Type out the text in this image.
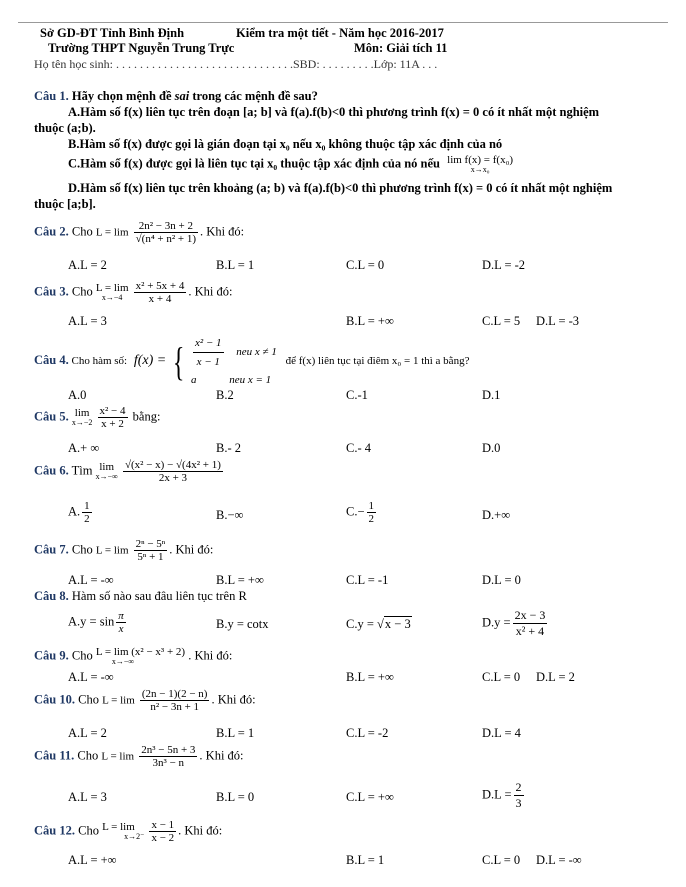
Sở GD-ĐT Tỉnh Bình Định	Kiểm tra một tiết - Năm học 2016-2017
Trường THPT Nguyễn Trung Trực	Môn: Giải tích 11
Họ tên học sinh: . . . . . . . . . . . . . . . . . . . . . . . . . . . . . .SBD: . . . . . . . . .Lớp: 11A . . .
Câu 1. Hãy chọn mệnh đề sai trong các mệnh đề sau?
A.Hàm số f(x) liên tục trên đoạn [a; b] và f(a).f(b)<0 thì phương trình f(x) = 0 có ít nhất một nghiệm
thuộc (a;b).
B.Hàm số f(x) được gọi là gián đoạn tại x₀ nếu x₀ không thuộc tập xác định của nó
C.Hàm số f(x) được gọi là liên tục tại x₀ thuộc tập xác định của nó nếu lim f(x) = f(x₀)
x→x₀
D.Hàm số f(x) liên tục trên khoảng (a; b) và f(a).f(b)<0 thì phương trình f(x) = 0 có ít nhất một nghiệm
thuộc [a;b].
Câu 2. Cho $L = \lim \frac{\text{2n² − 3n + 2}}{\text{√(n⁴ + n² + 1)}}$ . Khi đó:
A.L = 2	B.L = 1	C.L = 0	D.L = -2
Câu 3. Cho L = lim
x→−4
	$\frac{\text{x² + 5x + 4}}{x + 4}$ . Khi đó:
A.L = 3	B.L = +∞	C.L = 5 D.L = -3
Câu 4. Cho hàm số: f(x) = { $\frac{\text{x² − 1}}{x - 1}$ neu x ≠ 1
a	neu x = 1
để f(x) liên tục tại điêm x₀ = 1 thì a bằng?
A.0	B.2	C.-1	D.1
Câu 5. lim
x→−2
$\frac{\text{x² − 4}}{x + 2}$ bằng:
A.+ ∞	B.- 2	C.- 4	D.0
Câu 6. Tìm lim
x→−∞
$\frac{\text{√(x² − x) − √(4x² + 1)}}{2x + 3}$
A. $\frac{1}{2}$	B.−∞	$C.- \frac{1}{2}$	D.+∞
Câu 7. Cho $L = \lim \frac{\text{2ⁿ − 5ⁿ}}{\text{5ⁿ + 1}}$ . Khi đó:
A.L = -∞	B.L = +∞	C.L = -1	D.L = 0
Câu 8. Hàm số nào sau đâu liên tục trên R
$A.y = \sin \frac{\pi}{x}$	B.y = cotx	C.y = √x − 3	$D.y = \frac{2x - 3}{\text{x² + 4}}$
Câu 9. Cho L = lim (x² − x³ + 2)
x→−∞	. Khi đó:
A.L = -∞	B.L = +∞	C.L = 0 D.L = 2
Câu 10. Cho $L = \lim \frac{(2n - 1)(2 - n)}{\text{n² − 3n + 1}}$ . Khi đó:
A.L = 2	B.L = 1	C.L = -2	D.L = 4
Câu 11. Cho $L = \lim \frac{\text{2n³ − 5n + 3}}{\text{3n³ − n}}$ . Khi đó:
A.L = 3	B.L = 0	C.L = +∞	$D.L = \frac{2}{3}$
Câu 12. Cho L = lim
x→2⁻
$\frac{x - 1}{x - 2}$ . Khi đó:
A.L = +∞	B.L = 1	C.L = 0 D.L = -∞
